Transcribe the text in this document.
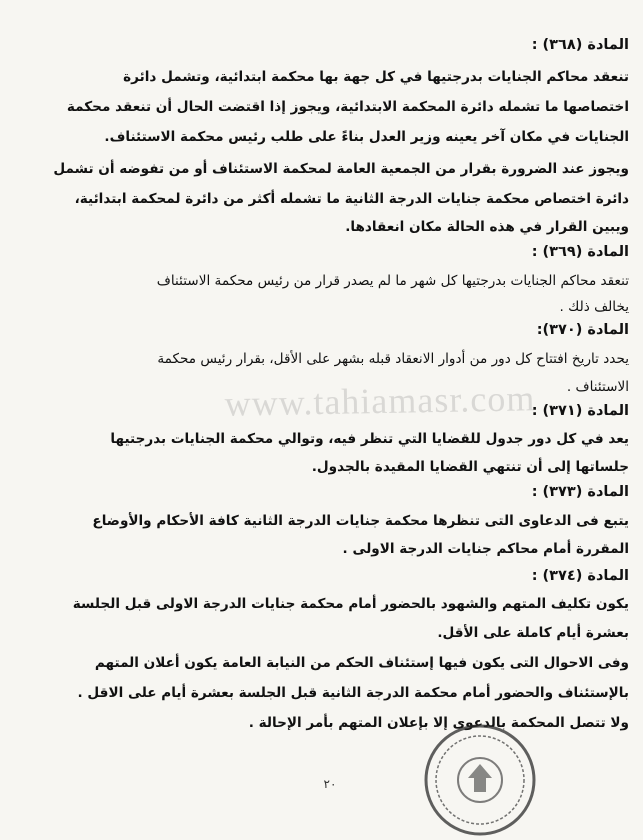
www.tahiamasr.com
المادة (٣٦٨) :
تنعقد محاكم الجنايات بدرجتيها في كل جهة بها محكمة ابتدائية، وتشمل دائرة
اختصاصها ما تشمله دائرة المحكمة الابتدائية، ويجوز إذا اقتضت الحال أن تنعقد محكمة
الجنايات في مكان آخر يعينه وزير العدل بناءً على طلب رئيس محكمة الاستئناف.
ويجوز عند الضرورة بقرار من الجمعية العامة لمحكمة الاستئناف أو من تفوضه أن تشمل
دائرة اختصاص محكمة جنايات الدرجة الثانية ما تشمله أكثر من دائرة لمحكمة ابتدائية،
ويبين القرار في هذه الحالة مكان انعقادها.
المادة (٣٦٩) :
تنعقد محاكم الجنايات بدرجتيها كل شهر ما لم يصدر قرار من رئيس محكمة الاستئناف
يخالف ذلك .
المادة (٣٧٠):
يحدد تاريخ افتتاح كل دور من أدوار الانعقاد قبله بشهر على الأقل، بقرار رئيس محكمة
الاستئناف .
المادة (٣٧١) :
يعد في كل دور جدول للقضايا التي تنظر فيه، وتوالي محكمة الجنايات بدرجتيها
جلساتها إلى أن تنتهي القضايا المقيدة بالجدول.
المادة (٣٧٣) :
يتبع فى الدعاوى التى تنظرها محكمة جنايات الدرجة الثانية كافة الأحكام والأوضاع
المقررة أمام محاكم جنايات الدرجة الاولى .
المادة (٣٧٤) :
يكون تكليف المتهم والشهود بالحضور أمام محكمة جنايات الدرجة الاولى قبل الجلسة
بعشرة أيام كاملة على الأقل.
وفى الاحوال التى يكون فيها إستئناف الحكم من النيابة العامة يكون أعلان المتهم
بالإستئناف والحضور أمام محكمة الدرجة الثانية قبل الجلسة بعشرة أيام على الاقل .
ولا تتصل المحكمة بالدعوى إلا بإعلان المتهم بأمر الإحالة .
٢٠
